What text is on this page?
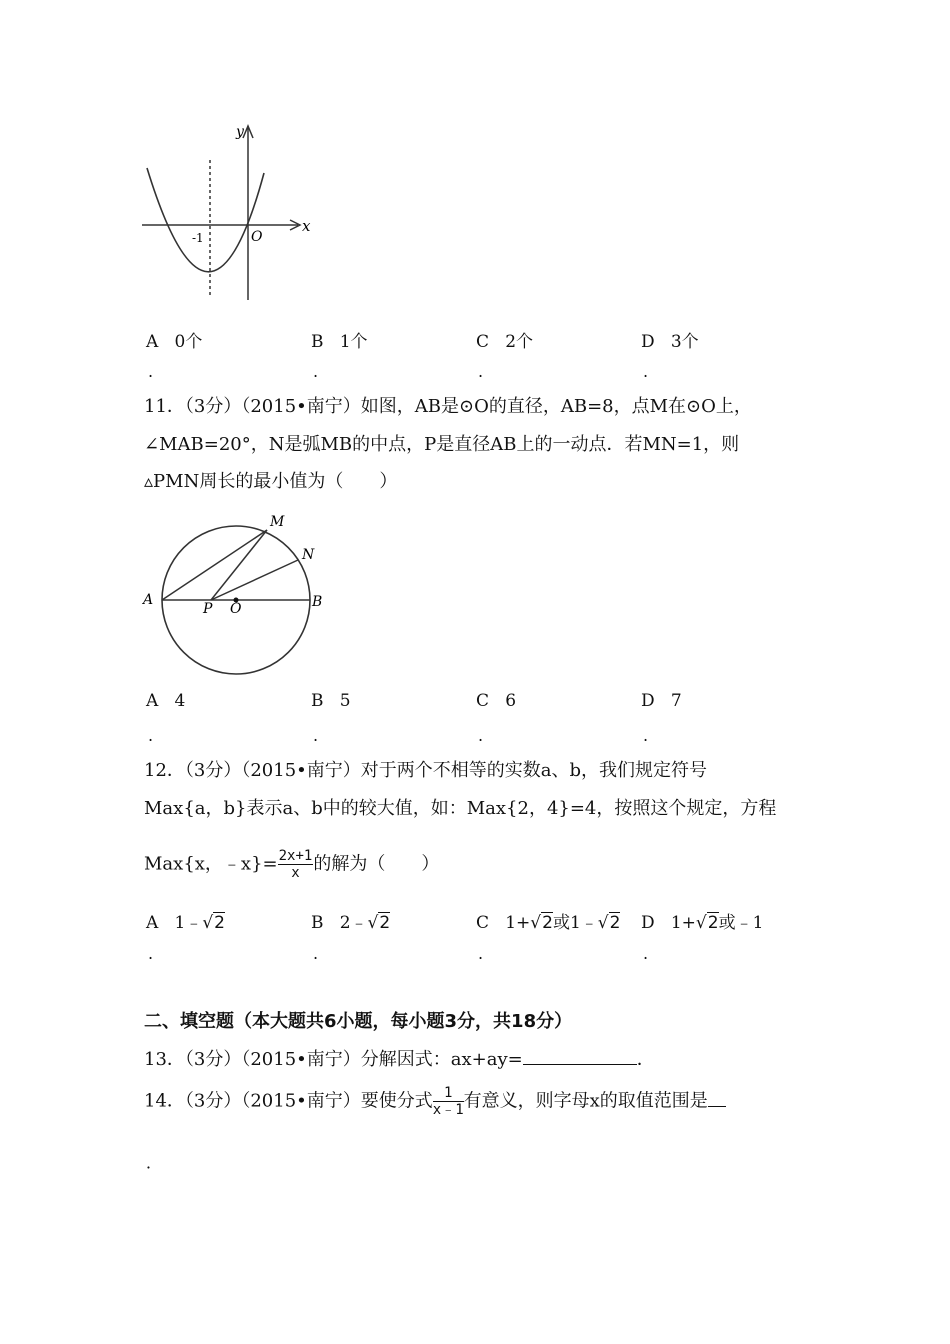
y
x
O
-1
A 0个	B 1个	C 2个	D 3个
.	.	.	.
11．（3分）（2015•南宁）如图，AB是⊙O的直径，AB=8，点M在⊙O上，
∠MAB=20°，N是弧MB的中点，P是直径AB上的一动点．若MN=1，则
▵PMN周长的最小值为（　　）
A	B
M
N
P O
A 4	B 5	C 6	D 7
.	.	.	.
12．（3分）（2015•南宁）对于两个不相等的实数a、b，我们规定符号
Max{a，b}表示a、b中的较大值，如：Max{2，4}=4，按照这个规定，方程
Max{x，﹣x}= $\frac{2x+1}{x}$ 的解为（　　）
A 1﹣√2	B 2﹣√2	C 1+√2或1﹣√2 D 1+√2或﹣1
.	.	.	.
二、填空题（本大题共6小题，每小题3分，共18分）
13．（3分）（2015•南宁）分解因式：ax+ay=	．
14．（3分）（2015•南宁）要使分式 $\frac{1}{x﹣1}$ 有意义，则字母x的取值范围是
．
